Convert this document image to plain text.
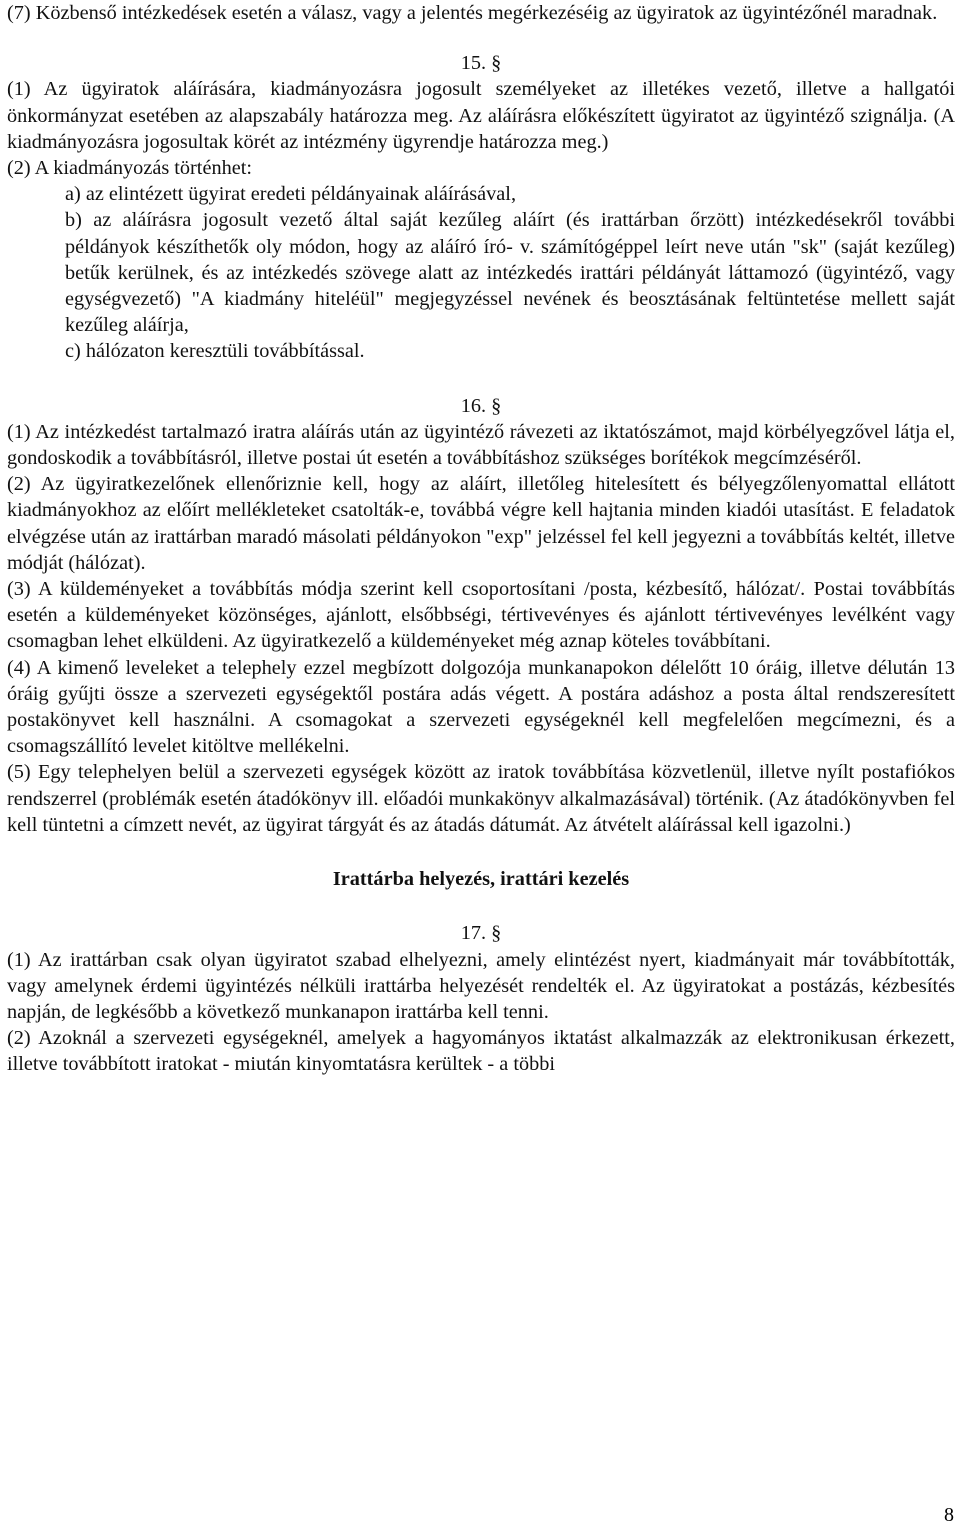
(7) Közbenső intézkedések esetén a válasz, vagy a jelentés megérkezéséig az ügyiratok az ügyintézőnél maradnak.

15. §

(1) Az ügyiratok aláírására, kiadmányozásra jogosult személyeket az illetékes vezető, illetve a hallgatói önkormányzat esetében az alapszabály határozza meg. Az aláírásra előkészített ügyiratot az ügyintéző szignálja. (A kiadmányozásra jogosultak körét az intézmény ügyrendje határozza meg.)

(2) A kiadmányozás történhet:

a) az elintézett ügyirat eredeti példányainak aláírásával,

b) az aláírásra jogosult vezető által saját kezűleg aláírt (és irattárban őrzött) intézkedésekről további példányok készíthetők oly módon, hogy az aláíró író- v. számítógéppel leírt neve után "sk" (saját kezűleg) betűk kerülnek, és az intézkedés szövege alatt az intézkedés irattári példányát láttamozó (ügyintéző, vagy egységvezető) "A kiadmány hiteléül" megjegyzéssel nevének és beosztásának feltüntetése mellett saját kezűleg aláírja,

c) hálózaton keresztüli továbbítással.

16. §

(1) Az intézkedést tartalmazó iratra aláírás után az ügyintéző rávezeti az iktatószámot, majd körbélyegzővel látja el, gondoskodik a továbbításról, illetve postai út esetén a továbbításhoz szükséges borítékok megcímzéséről.

(2) Az ügyiratkezelőnek ellenőriznie kell, hogy az aláírt, illetőleg hitelesített és bélyegzőlenyomattal ellátott kiadmányokhoz az előírt mellékleteket csatolták-e, továbbá végre kell hajtania minden kiadói utasítást. E feladatok elvégzése után az irattárban maradó másolati példányokon "exp" jelzéssel fel kell jegyezni a továbbítás keltét, illetve módját (hálózat).

(3) A küldeményeket a továbbítás módja szerint kell csoportosítani /posta, kézbesítő, hálózat/. Postai továbbítás esetén a küldeményeket közönséges, ajánlott, elsőbbségi, tértivevényes és ajánlott tértivevényes levélként vagy csomagban lehet elküldeni. Az ügyiratkezelő a küldeményeket még aznap köteles továbbítani.

(4) A kimenő leveleket a telephely ezzel megbízott dolgozója munkanapokon délelőtt 10 óráig, illetve délután 13 óráig gyűjti össze a szervezeti egységektől postára adás végett. A postára adáshoz a posta által rendszeresített postakönyvet kell használni. A csomagokat a szervezeti egységeknél kell megfelelően megcímezni, és a csomagszállító levelet kitöltve mellékelni.

(5) Egy telephelyen belül a szervezeti egységek között az iratok továbbítása közvetlenül, illetve nyílt postafiókos rendszerrel (problémák esetén átadókönyv ill. előadói munkakönyv alkalmazásával) történik. (Az átadókönyvben fel kell tüntetni a címzett nevét, az ügyirat tárgyát és az átadás dátumát. Az átvételt aláírással kell igazolni.)

Irattárba helyezés, irattári kezelés

17. §

(1) Az irattárban csak olyan ügyiratot szabad elhelyezni, amely elintézést nyert, kiadmányait már továbbították, vagy amelynek érdemi ügyintézés nélküli irattárba helyezését rendelték el. Az ügyiratokat a postázás, kézbesítés napján, de legkésőbb a következő munkanapon irattárba kell tenni.

(2) Azoknál a szervezeti egységeknél, amelyek a hagyományos iktatást alkalmazzák az elektronikusan érkezett, illetve továbbított iratokat - miután kinyomtatásra kerültek - a többi

8
